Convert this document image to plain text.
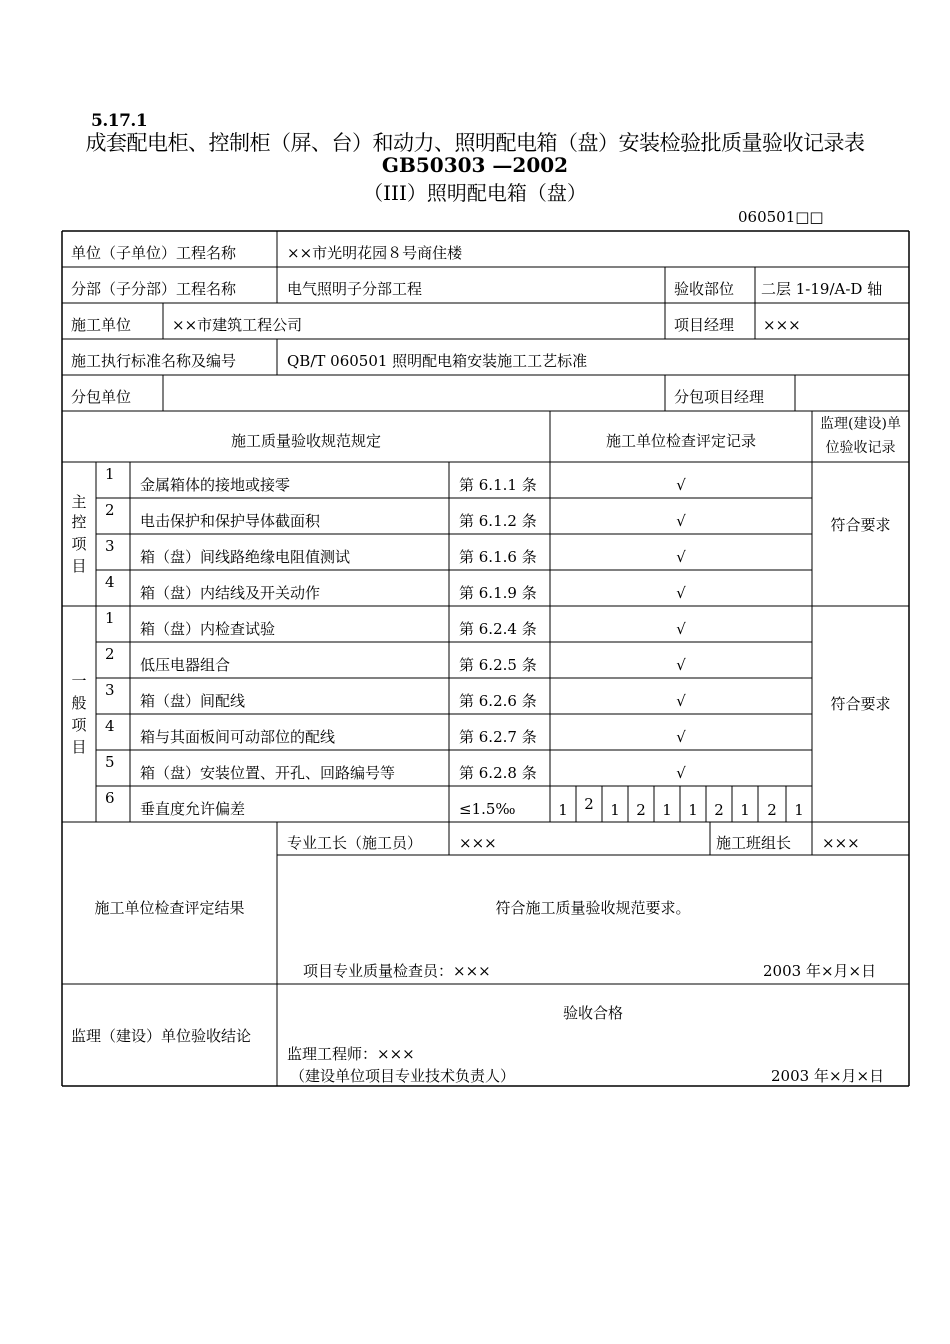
5.17.1
成套配电柜、控制柜（屏、台）和动力、照明配电箱（盘）安装检验批质量验收记录表
GB50303 —2002
（III）照明配电箱（盘）
060501□□
单位（子单位）工程名称	××市光明花园８号商住楼
分部（子分部）工程名称	电气照明子分部工程	验收部位 二层 1-19/A-D 轴
施工单位	××市建筑工程公司	项目经理 ×××
施工执行标准名称及编号	QB/T 060501 照明配电箱安装施工工艺标准
分包单位	分包项目经理
施工质量验收规范规定	施工单位检查评定记录
监理(建设)单
位验收记录
主
控
项
目
1
金属箱体的接地或接零	第 6.1.1 条	√
2
电击保护和保护导体截面积	第 6.1.2 条	√
3
箱（盘）间线路绝缘电阻值测试	第 6.1.6 条	√
4
箱（盘）内结线及开关动作	第 6.1.9 条	√
符合要求
一
般
项
目
1
箱（盘）内检查试验	第 6.2.4 条	√
2
低压电器组合	第 6.2.5 条	√
3
箱（盘）间配线	第 6.2.6 条	√
4
箱与其面板间可动部位的配线	第 6.2.7 条	√
5
箱（盘）安装位置、开孔、回路编号等	第 6.2.8 条	√
6
垂直度允许偏差	≤1.5‰	1	2	1	2	1	1	2	1	2	1
符合要求
施工单位检查评定结果
专业工长（施工员） ×××	施工班组长 ×××
符合施工质量验收规范要求。
项目专业质量检查员：×××	2003 年×月×日
监理（建设）单位验收结论
验收合格
监理工程师：×××
（建设单位项目专业技术负责人）	2003 年×月×日
